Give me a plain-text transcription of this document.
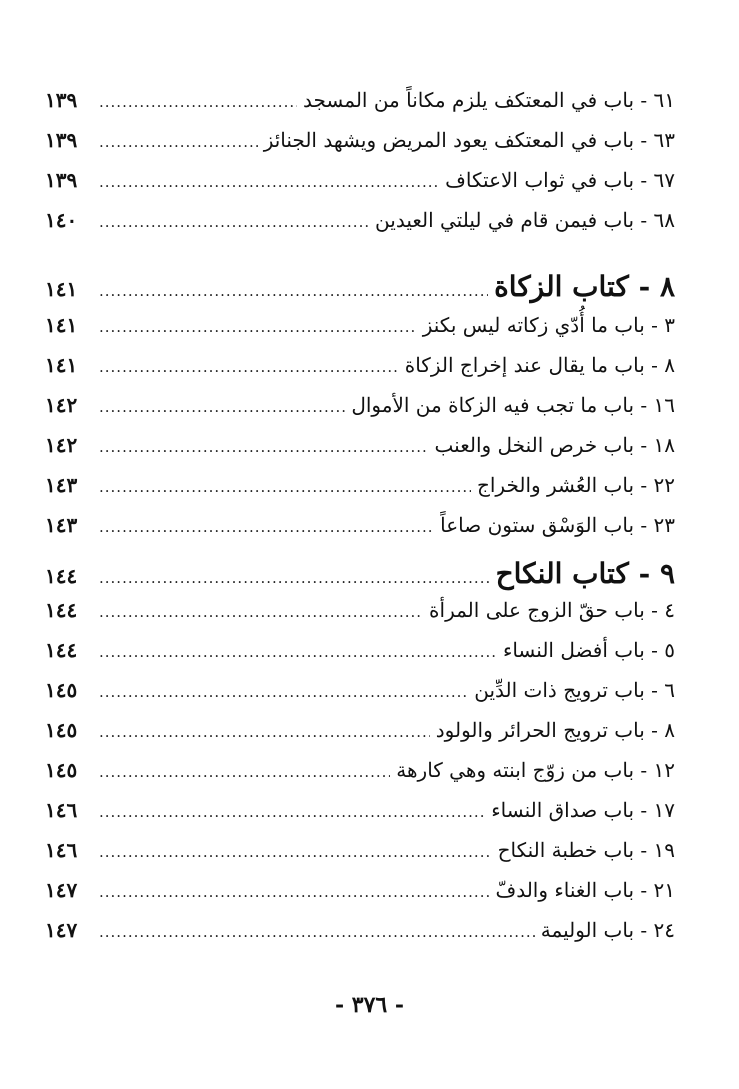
٦١ - باب في المعتكف يلزم مكاناً من المسجد
.....
١٣٩
٦٣ - باب في المعتكف يعود المريض ويشهد الجنائز
.....
١٣٩
٦٧ - باب في ثواب الاعتكاف
.....
١٣٩
٦٨ - باب فيمن قام في ليلتي العيدين
.....
١٤٠
٨ - كتاب الزكاة
.....
١٤١
٣ - باب ما أُدّي زكاته ليس بكنز
.....
١٤١
٨ - باب ما يقال عند إخراج الزكاة
.....
١٤١
١٦ - باب ما تجب فيه الزكاة من الأموال
.....
١٤٢
١٨ - باب خرص النخل والعنب
.....
١٤٢
٢٢ - باب العُشر والخراج
.....
١٤٣
٢٣ - باب الوَسْق ستون صاعاً
.....
١٤٣
٩ - كتاب النكاح
.....
١٤٤
٤ - باب حقّ الزوج على المرأة
.....
١٤٤
٥ - باب أفضل النساء
.....
١٤٤
٦ - باب ترويج ذات الدِّين
.....
١٤٥
٨ - باب ترويج الحرائر والولود
.....
١٤٥
١٢ - باب من زوّج ابنته وهي كارهة
.....
١٤٥
١٧ - باب صداق النساء
.....
١٤٦
١٩ - باب خطبة النكاح
.....
١٤٦
٢١ - باب الغناء والدفّ
.....
١٤٧
٢٤ - باب الوليمة
.....
١٤٧
- ٣٧٦ -
